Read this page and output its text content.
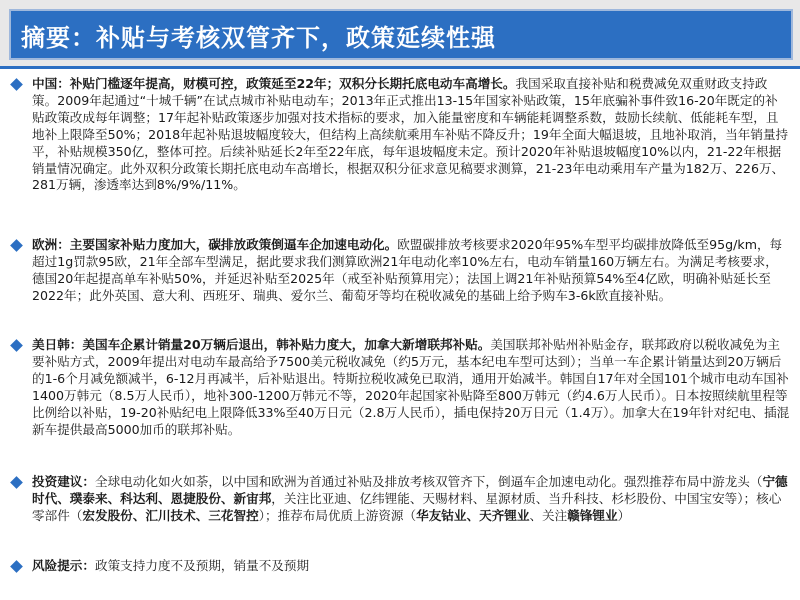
摘要：补贴与考核双管齐下，政策延续性强
中国：补贴门槛逐年提高，财模可控，政策延至22年；双积分长期托底电动车高增长。我国采取直接补贴和税费减免双重财政支持政策。2009年起通过“十城千辆”在试点城市补贴电动车；2013年正式推出13-15年国家补贴政策，15年底骗补事件致16-20年既定的补贴政策改成每年调整；17年起补贴政策逐步加强对技术指标的要求，加入能量密度和车辆能耗调整系数，鼓励长续航、低能耗车型，且地补上限降至50%；2018年起补贴退坡幅度较大，但结构上高续航乘用车补贴不降反升；19年全面大幅退坡，且地补取消，当年销量持平，补贴规模350亿，整体可控。后续补贴延长2年至22年底，每年退坡幅度未定。预计2020年补贴退坡幅度10%以内，21-22年根据销量情况确定。此外双积分政策长期托底电动车高增长，根据双积分征求意见稿要求测算，21-23年电动乘用车产量为182万、226万、281万辆，渗透率达到8%/9%/11%。
欧洲：主要国家补贴力度加大，碳排放政策倒逼车企加速电动化。欧盟碳排放考核要求2020年95%车型平均碳排放降低至95g/km，每超过1g罚款95欧，21年全部车型满足，据此要求我们测算欧洲21年电动化率10%左右，电动车销量160万辆左右。为满足考核要求，德国20年起提高单车补贴50%，并延迟补贴至2025年（戒至补贴预算用完）；法国上调21年补贴预算54%至4亿欧，明确补贴延长至2022年；此外英国、意大利、西班牙、瑞典、爱尔兰、葡萄牙等均在税收减免的基础上给予购车3-6k欧直接补贴。
美日韩：美国车企累计销量20万辆后退出，韩补贴力度大，加拿大新增联邦补贴。美国联邦补贴州补贴金存，联邦政府以税收减免为主要补贴方式，2009年提出对电动车最高给予7500美元税收减免（约5万元，基本纪电车型可达到）；当单一车企累计销量达到20万辆后的1-6个月减免额减半，6-12月再减半，后补贴退出。特斯拉税收减免已取消，通用开始减半。韩国自17年对全国101个城市电动车国补1400万韩元（8.5万人民币），地补300-1200万韩元不等，2020年起国家补贴降至800万韩元（约4.6万人民币）。日本按照续航里程等比例给以补贴，19-20补贴纪电上限降低33%至40万日元（2.8万人民币），插电保持20万日元（1.4万）。加拿大在19年针对纪电、插混新车提供最高5000加币的联邦补贴。
投资建议：全球电动化如火如荼，以中国和欧洲为首通过补贴及排放考核双管齐下，倒逼车企加速电动化。强烈推荐布局中游龙头（宁德时代、璞泰来、科达利、恩捷股份、新宙邦，关注比亚迪、亿纬锂能、天赐材料、星源材质、当升科技、杉杉股份、中国宝安等）；核心零部件（宏发股份、汇川技术、三花智控）；推荐布局优质上游资源（华友钴业、天齐锂业、关注赣锋锂业）
风险提示：政策支持力度不及预期，销量不及预期
